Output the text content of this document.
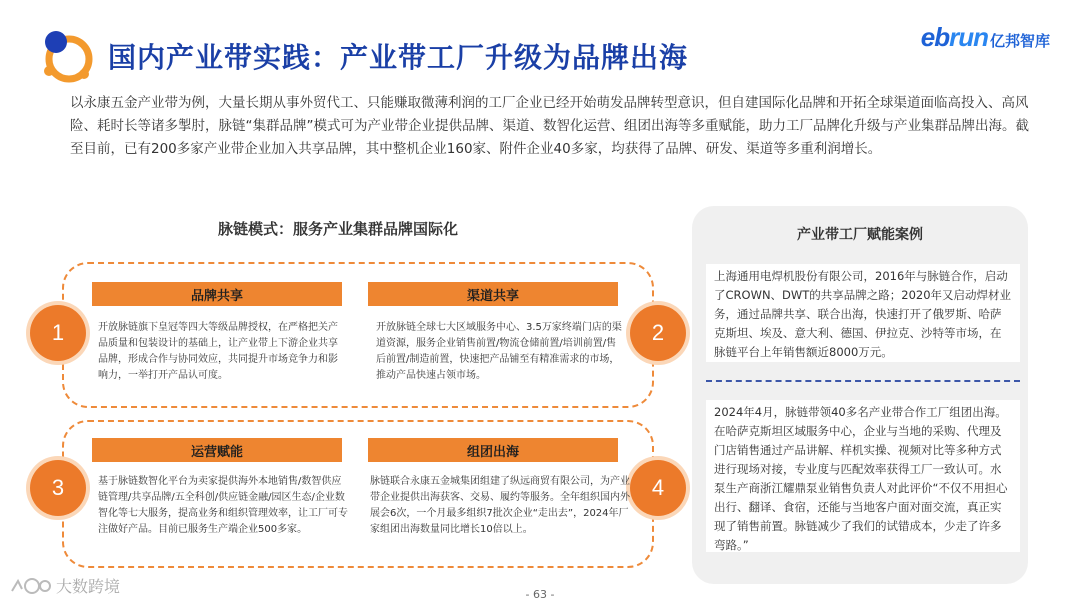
国内产业带实践：产业带工厂升级为品牌出海
ebrun 亿邦智库

以永康五金产业带为例，大量长期从事外贸代工、只能赚取微薄利润的工厂企业已经开始萌发品牌转型意识，但自建国际化品牌和开拓全球渠道面临高投入、高风险、耗时长等诸多掣肘，脉链“集群品牌”模式可为产业带企业提供品牌、渠道、数智化运营、组团出海等多重赋能，助力工厂品牌化升级与产业集群品牌出海。截至目前，已有200多家产业带企业加入共享品牌，其中整机企业160家、附件企业40多家，均获得了品牌、研发、渠道等多重利润增长。

脉链模式：服务产业集群品牌国际化
1	2
3	4
品牌共享	渠道共享
运营赋能	组团出海

开放脉链旗下皇冠等四大等级品牌授权，在严格把关产品质量和包装设计的基础上，让产业带上下游企业共享品牌，形成合作与协同效应，共同提升市场竞争力和影响力，一举打开产品认可度。

开放脉链全球七大区域服务中心、3.5万家终端门店的渠道资源，服务企业销售前置/物流仓储前置/培训前置/售后前置/制造前置，快速把产品铺至有精准需求的市场，推动产品快速占领市场。

基于脉链数智化平台为卖家提供海外本地销售/数智供应链管理/共享品牌/五全科创/供应链金融/园区生态/企业数智化等七大服务，提高业务和组织管理效率，让工厂可专注做好产品。目前已服务生产端企业500多家。

脉链联合永康五金城集团组建了纵远商贸有限公司，为产业带企业提供出海获客、交易、履约等服务。全年组织国内外展会6次，一个月最多组织7批次企业“走出去”，2024年厂家组团出海数量同比增长10倍以上。

产业带工厂赋能案例

上海通用电焊机股份有限公司，2016年与脉链合作，启动了CROWN、DWT的共享品牌之路；2020年又启动焊材业务，通过品牌共享、联合出海，快速打开了俄罗斯、哈萨克斯坦、埃及、意大利、德国、伊拉克、沙特等市场，在脉链平台上年销售额近8000万元。

2024年4月，脉链带领40多名产业带合作工厂组团出海。在哈萨克斯坦区域服务中心，企业与当地的采购、代理及门店销售通过产品讲解、样机实操、视频对比等多种方式进行现场对接，专业度与匹配效率获得工厂一致认可。水泵生产商浙江耀鼎泵业销售负责人对此评价“不仅不用担心出行、翻译、食宿，还能与当地客户面对面交流，真正实现了销售前置。脉链减少了我们的试错成本，少走了许多弯路。”

大数跨境	- 63 -
